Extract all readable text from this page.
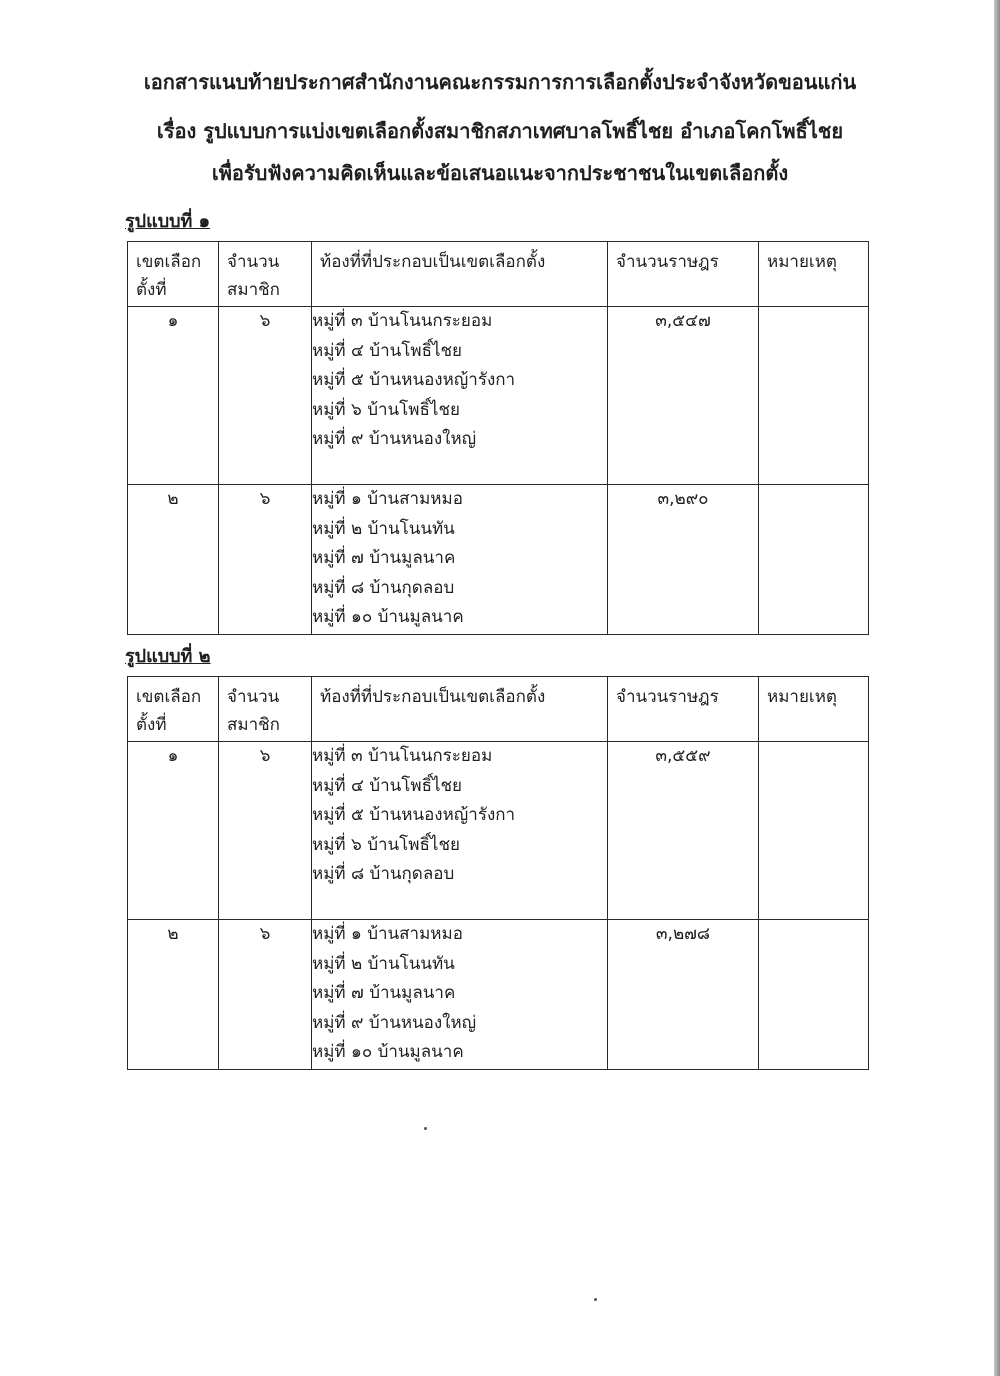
เอกสารแนบท้ายประกาศสำนักงานคณะกรรมการการเลือกตั้งประจำจังหวัดขอนแก่น
เรื่อง รูปแบบการแบ่งเขตเลือกตั้งสมาชิกสภาเทศบาลโพธิ์ไชย อำเภอโคกโพธิ์ไชย
เพื่อรับฟังความคิดเห็นและข้อเสนอแนะจากประชาชนในเขตเลือกตั้ง
รูปแบบที่ ๑
เขตเลือกตั้งที่	จำนวนสมาชิก	ท้องที่ที่ประกอบเป็นเขตเลือกตั้ง	จำนวนราษฎร	หมายเหตุ
๑	๖	หมู่ที่ ๓ บ้านโนนกระยอม
หมู่ที่ ๔ บ้านโพธิ์ไชย
หมู่ที่ ๕ บ้านหนองหญ้ารังกา
หมู่ที่ ๖ บ้านโพธิ์ไชย
หมู่ที่ ๙ บ้านหนองใหญ่	๓,๕๔๗	
๒	๖	หมู่ที่ ๑ บ้านสามหมอ
หมู่ที่ ๒ บ้านโนนทัน
หมู่ที่ ๗ บ้านมูลนาค
หมู่ที่ ๘ บ้านกุดลอบ
หมู่ที่ ๑๐ บ้านมูลนาค	๓,๒๙๐	
รูปแบบที่ ๒
เขตเลือกตั้งที่	จำนวนสมาชิก	ท้องที่ที่ประกอบเป็นเขตเลือกตั้ง	จำนวนราษฎร	หมายเหตุ
๑	๖	หมู่ที่ ๓ บ้านโนนกระยอม
หมู่ที่ ๔ บ้านโพธิ์ไชย
หมู่ที่ ๕ บ้านหนองหญ้ารังกา
หมู่ที่ ๖ บ้านโพธิ์ไชย
หมู่ที่ ๘ บ้านกุดลอบ	๓,๕๕๙	
๒	๖	หมู่ที่ ๑ บ้านสามหมอ
หมู่ที่ ๒ บ้านโนนทัน
หมู่ที่ ๗ บ้านมูลนาค
หมู่ที่ ๙ บ้านหนองใหญ่
หมู่ที่ ๑๐ บ้านมูลนาค	๓,๒๗๘	
